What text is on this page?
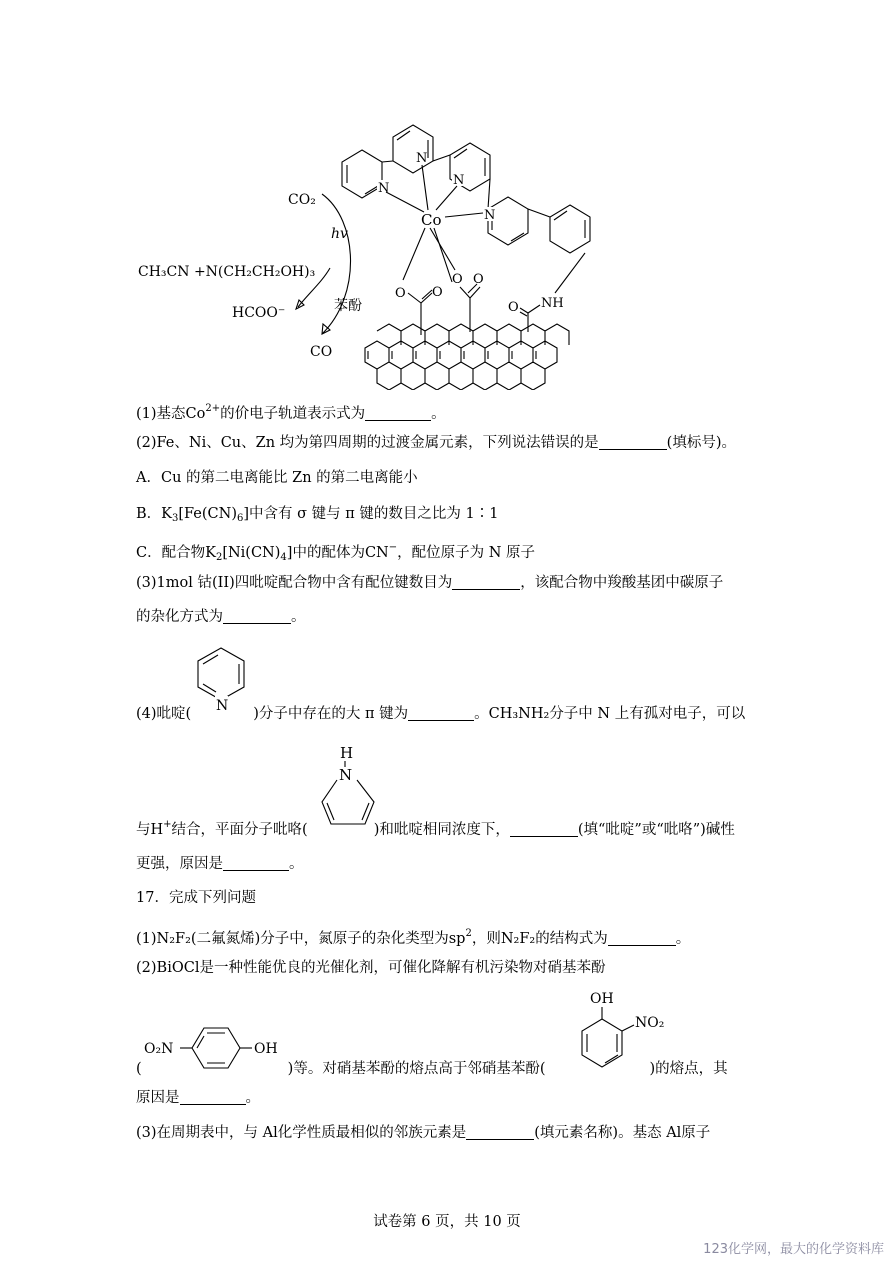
N
N
N
N
Co
O O
O O
O NH
CO₂
hv
CH₃CN +N(CH₂CH₂OH)₃
HCOO⁻	苯酚
CO
(1)基态$Co^{2+}$的价电子轨道表示式为	。
(2)Fe、Ni、Cu、Zn 均为第四周期的过渡金属元素，下列说法错误的是	(填标号)。
A．Cu 的第二电离能比 Zn 的第二电离能小
B．$K_3[Fe(CN)_6]$中含有 σ 键与 π 键的数目之比为 1∶1
C．配合物$K_2[Ni(CN)_4]$中的配体为CN−，配位原子为 N 原子
(3)1mol 钴(II)四吡啶配合物中含有配位键数目为	，该配合物中羧酸基团中碳原子
的杂化方式为	。
(4)吡啶(	)分子中存在的大 π 键为	。CH₃NH₂分子中 N 上有孤对电子，可以
N
与H+结合，平面分子吡咯(	)和吡啶相同浓度下，	(填“吡啶”或“吡咯”)碱性
H
N
更强，原因是	。
17．完成下列问题
(1)N₂F₂(二氟氮烯)分子中，氮原子的杂化类型为$sp^2$，则N₂F₂的结构式为	。
(2)BiOCl是一种性能优良的光催化剂，可催化降解有机污染物对硝基苯酚
O₂N	OH
OH
NO₂
(	)等。对硝基苯酚的熔点高于邻硝基苯酚(	)的熔点，其
原因是	。
(3)在周期表中，与 Al化学性质最相似的邻族元素是	(填元素名称)。基态 Al原子
试卷第 6 页，共 10 页
123化学网，最大的化学资料库
